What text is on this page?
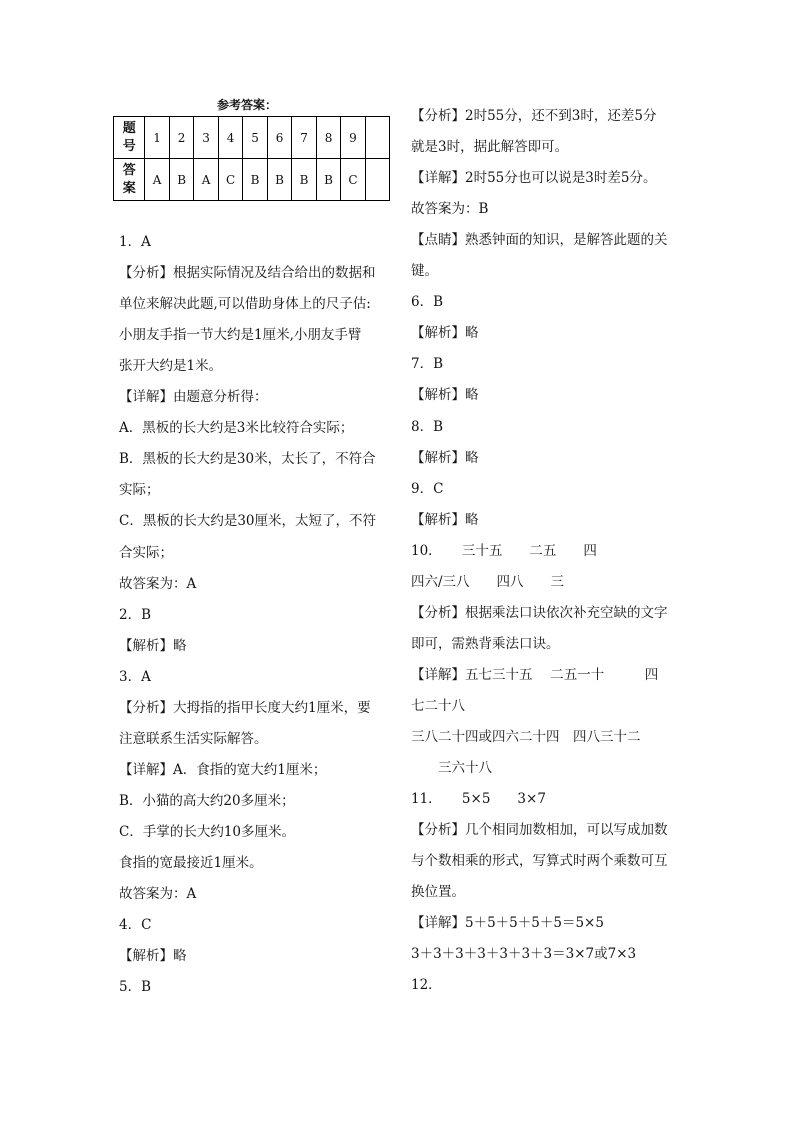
参考答案：
题
号	1	2	3	4	5	6	7	8	9	
答
案	A	B	A	C	B	B	B	B	C	
1．A
【分析】根据实际情况及结合给出的数据和
单位来解决此题,可以借助身体上的尺子估:
小朋友手指一节大约是1厘米,小朋友手臂
张开大约是1米。
【详解】由题意分析得：
A．黑板的长大约是3米比较符合实际；
B．黑板的长大约是30米，太长了，不符合
实际；
C．黑板的长大约是30厘米，太短了，不符
合实际；
故答案为：A
2．B
【解析】略
3．A
【分析】大拇指的指甲长度大约1厘米，要
注意联系生活实际解答。
【详解】A．食指的宽大约1厘米；
B．小猫的高大约20多厘米；
C．手掌的长大约10多厘米。
食指的宽最接近1厘米。
故答案为：A
4．C
【解析】略
5．B
【分析】2时55分，还不到3时，还差5分
就是3时，据此解答即可。
【详解】2时55分也可以说是3时差5分。
故答案为：B
【点睛】熟悉钟面的知识，是解答此题的关
键。
6．B
【解析】略
7．B
【解析】略
8．B
【解析】略
9．C
【解析】略
10．　　三十五　　二五　　四
四六/三八　　四八　　三
【分析】根据乘法口诀依次补充空缺的文字
即可，需熟背乘法口诀。
【详解】五七三十五　 二五一十　　　四
七二十八
三八二十四或四六二十四　四八三十二
　　三六十八
11．　　5×5　　3×7
【分析】几个相同加数相加，可以写成加数
与个数相乘的形式，写算式时两个乘数可互
换位置。
【详解】5＋5＋5＋5＋5＝5×5
3＋3＋3＋3＋3＋3＋3＝3×7或7×3
12．
